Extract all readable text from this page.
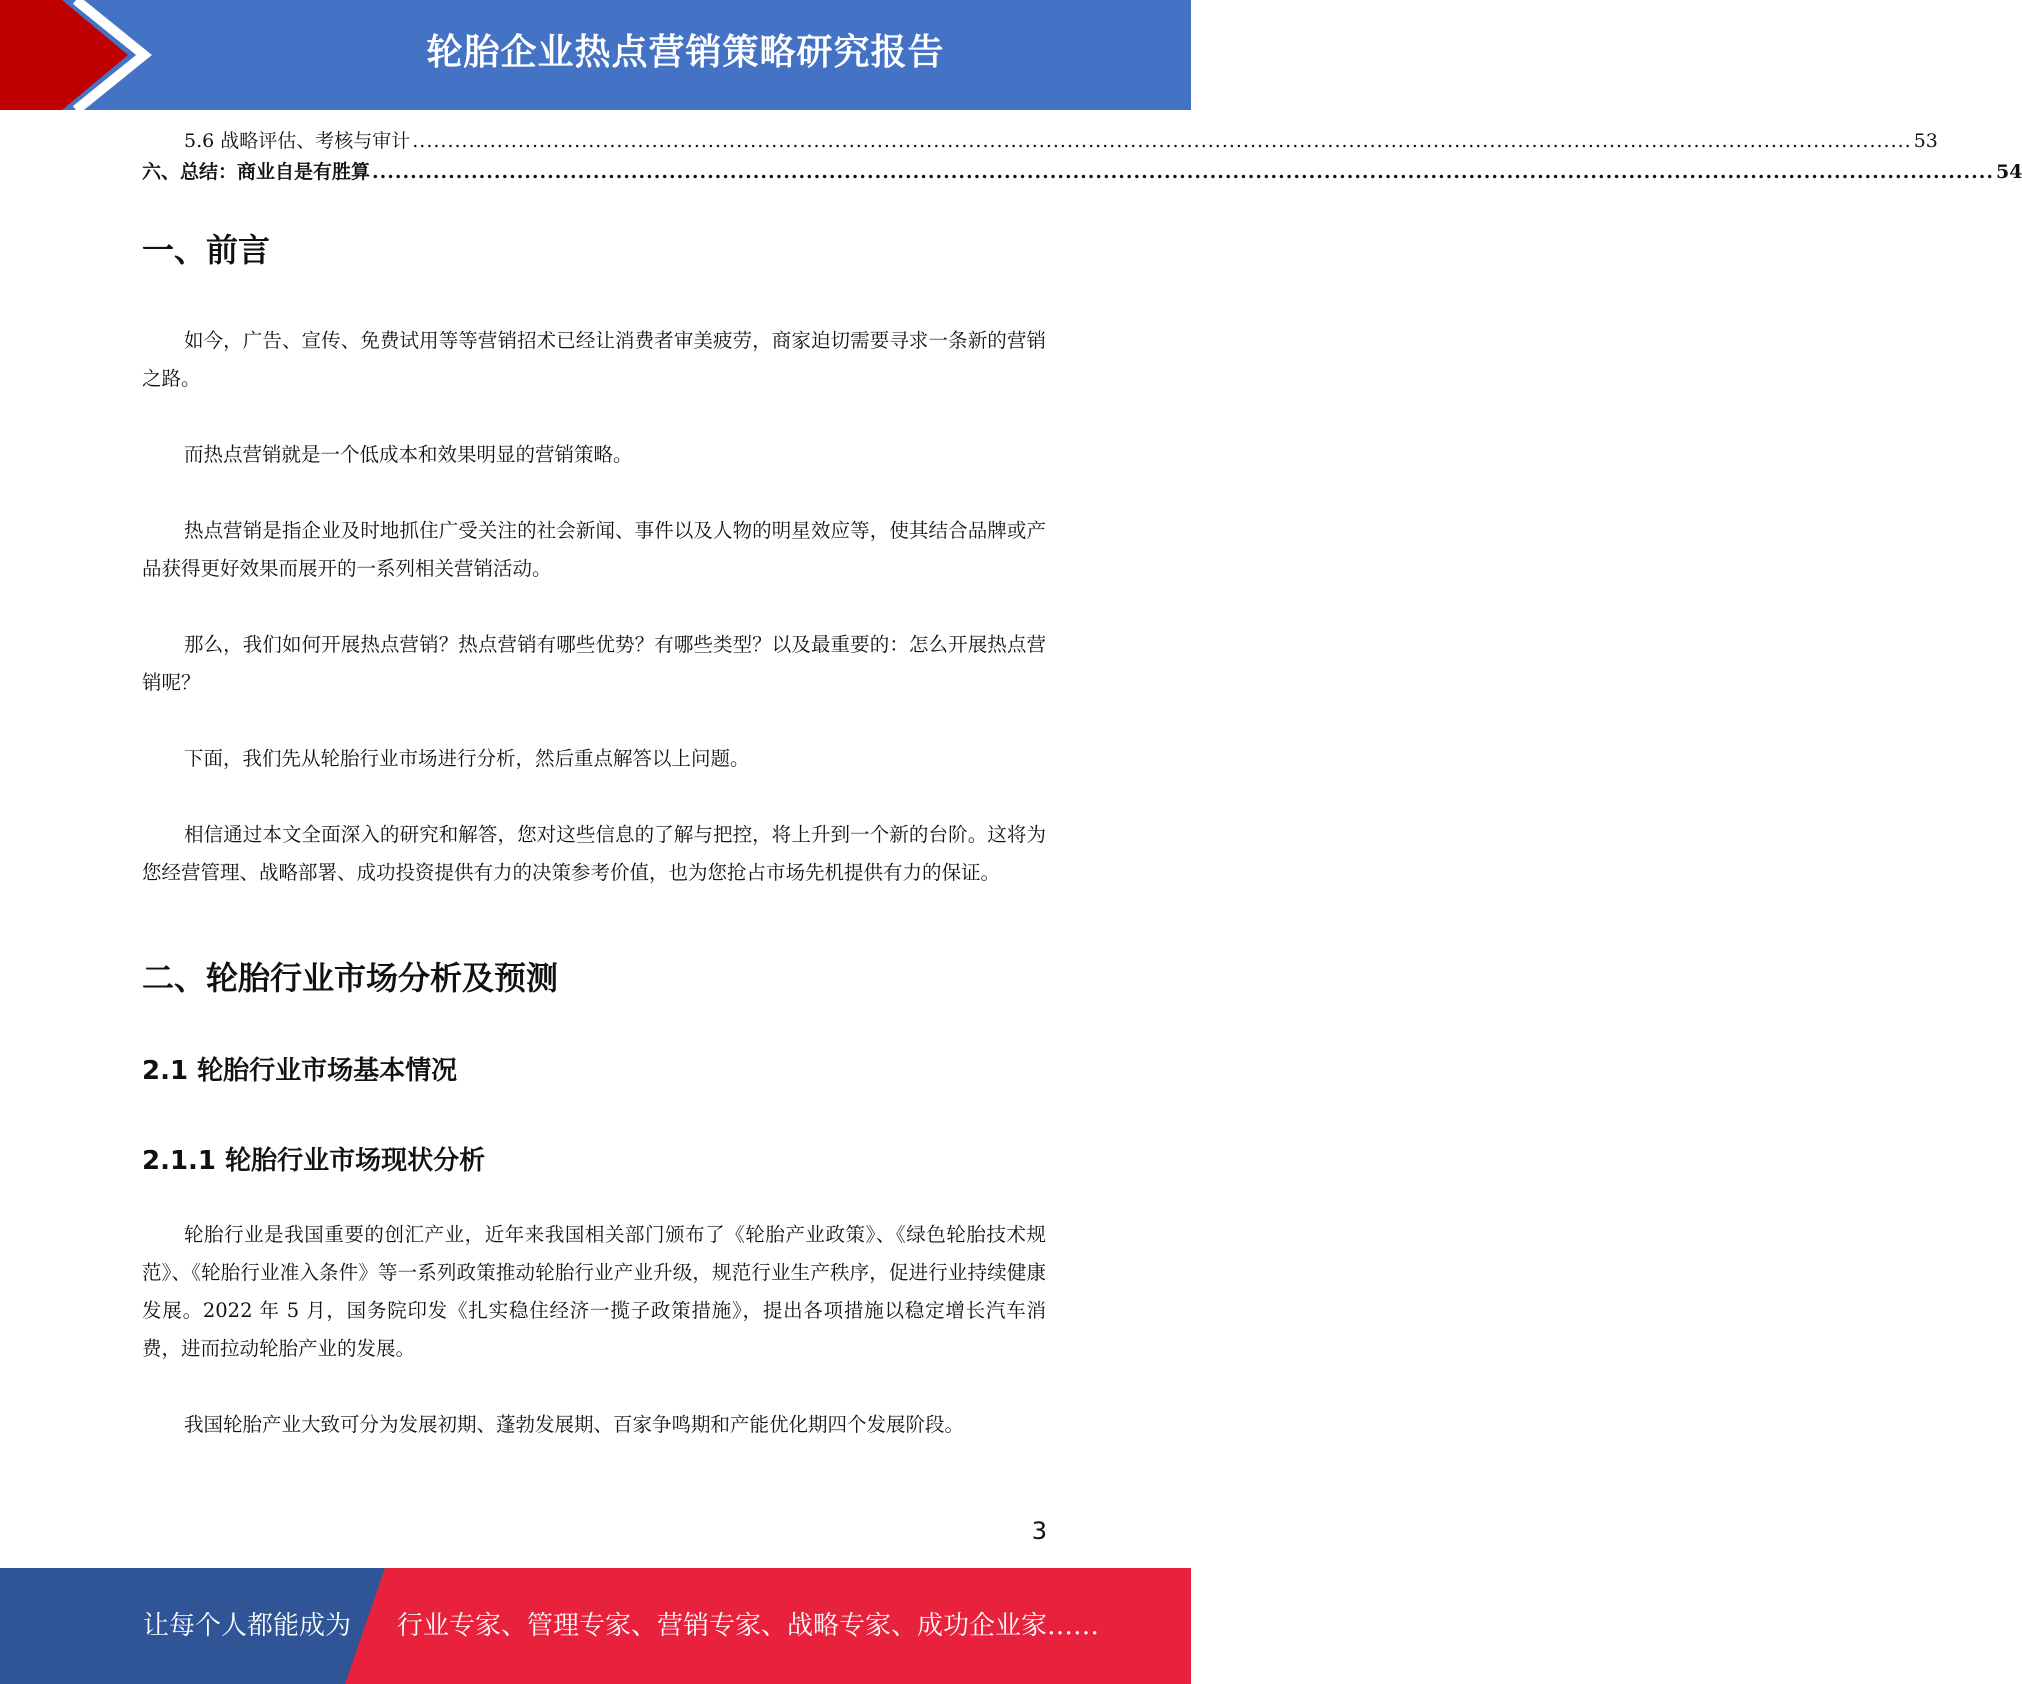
轮胎企业热点营销策略研究报告
5.6 战略评估、考核与审计 ..................................................................................................................................................................................................................... 53
六、总结：商业自是有胜算 ..................................................................................................................................................................................................................... 54
一、前言

如今，广告、宣传、免费试用等等营销招术已经让消费者审美疲劳，商家迫切需要寻求一条新的营销之路。

而热点营销就是一个低成本和效果明显的营销策略。

热点营销是指企业及时地抓住广受关注的社会新闻、事件以及人物的明星效应等，使其结合品牌或产品获得更好效果而展开的一系列相关营销活动。

那么，我们如何开展热点营销？热点营销有哪些优势？有哪些类型？以及最重要的：怎么开展热点营销呢？

下面，我们先从轮胎行业市场进行分析，然后重点解答以上问题。

相信通过本文全面深入的研究和解答，您对这些信息的了解与把控，将上升到一个新的台阶。这将为您经营管理、战略部署、成功投资提供有力的决策参考价值，也为您抢占市场先机提供有力的保证。

二、轮胎行业市场分析及预测
2.1 轮胎行业市场基本情况
2.1.1 轮胎行业市场现状分析

轮胎行业是我国重要的创汇产业，近年来我国相关部门颁布了《轮胎产业政策》、《绿色轮胎技术规范》、《轮胎行业准入条件》等一系列政策推动轮胎行业产业升级，规范行业生产秩序，促进行业持续健康发展。2022 年 5 月，国务院印发《扎实稳住经济一揽子政策措施》，提出各项措施以稳定增长汽车消费，进而拉动轮胎产业的发展。

我国轮胎产业大致可分为发展初期、蓬勃发展期、百家争鸣期和产能优化期四个发展阶段。

3
让每个人都能成为 行业专家、管理专家、营销专家、战略专家、成功企业家……
